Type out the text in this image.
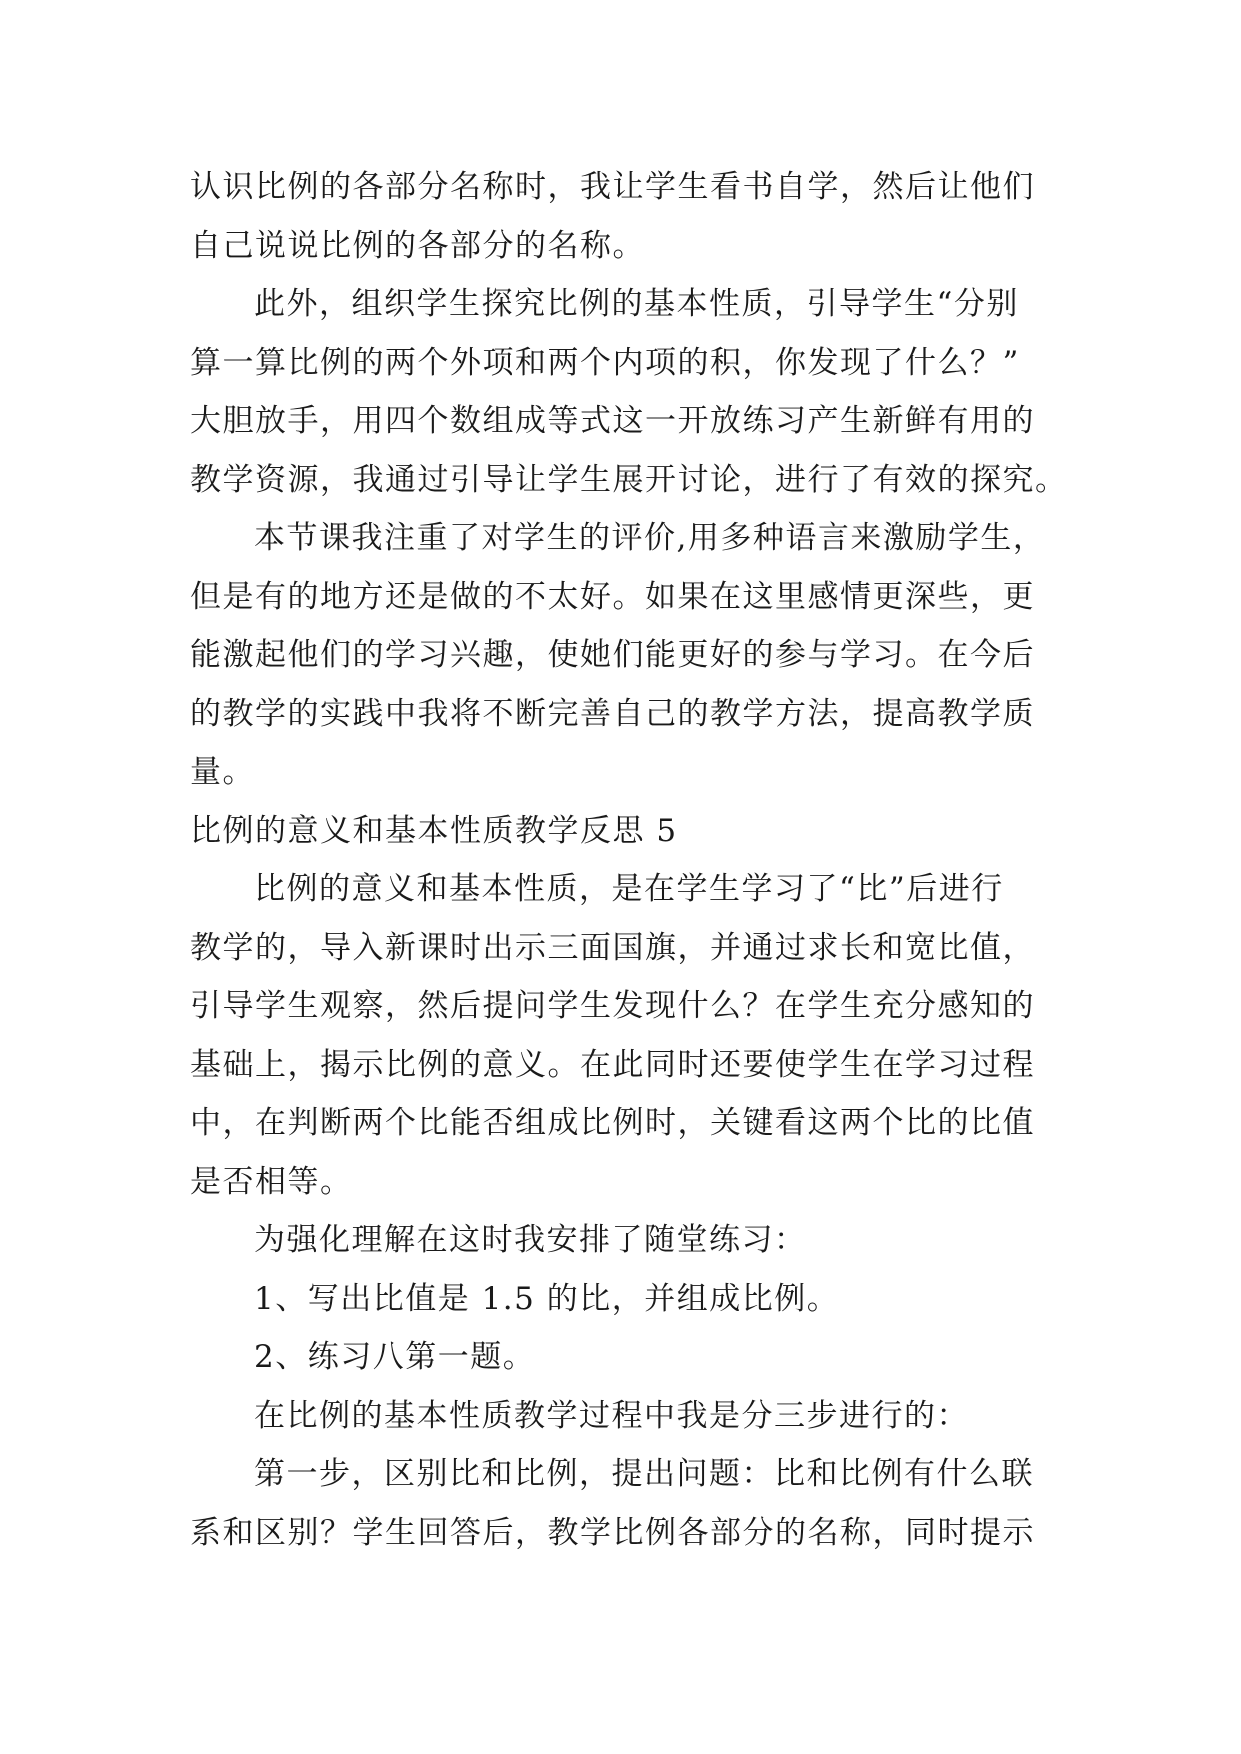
认识比例的各部分名称时，我让学生看书自学，然后让他们
自己说说比例的各部分的名称。
此外，组织学生探究比例的基本性质，引导学生“分别
算一算比例的两个外项和两个内项的积，你发现了什么？”
大胆放手，用四个数组成等式这一开放练习产生新鲜有用的
教学资源，我通过引导让学生展开讨论，进行了有效的探究。
本节课我注重了对学生的评价,用多种语言来激励学生，
但是有的地方还是做的不太好。如果在这里感情更深些，更
能激起他们的学习兴趣，使她们能更好的参与学习。在今后
的教学的实践中我将不断完善自己的教学方法，提高教学质
量。
比例的意义和基本性质教学反思 5
比例的意义和基本性质，是在学生学习了“比”后进行
教学的，导入新课时出示三面国旗，并通过求长和宽比值，
引导学生观察，然后提问学生发现什么？在学生充分感知的
基础上，揭示比例的意义。在此同时还要使学生在学习过程
中，在判断两个比能否组成比例时，关键看这两个比的比值
是否相等。
为强化理解在这时我安排了随堂练习：
1、写出比值是 1.5 的比，并组成比例。
2、练习八第一题。
在比例的基本性质教学过程中我是分三步进行的：
第一步，区别比和比例，提出问题：比和比例有什么联
系和区别？学生回答后，教学比例各部分的名称，同时提示
